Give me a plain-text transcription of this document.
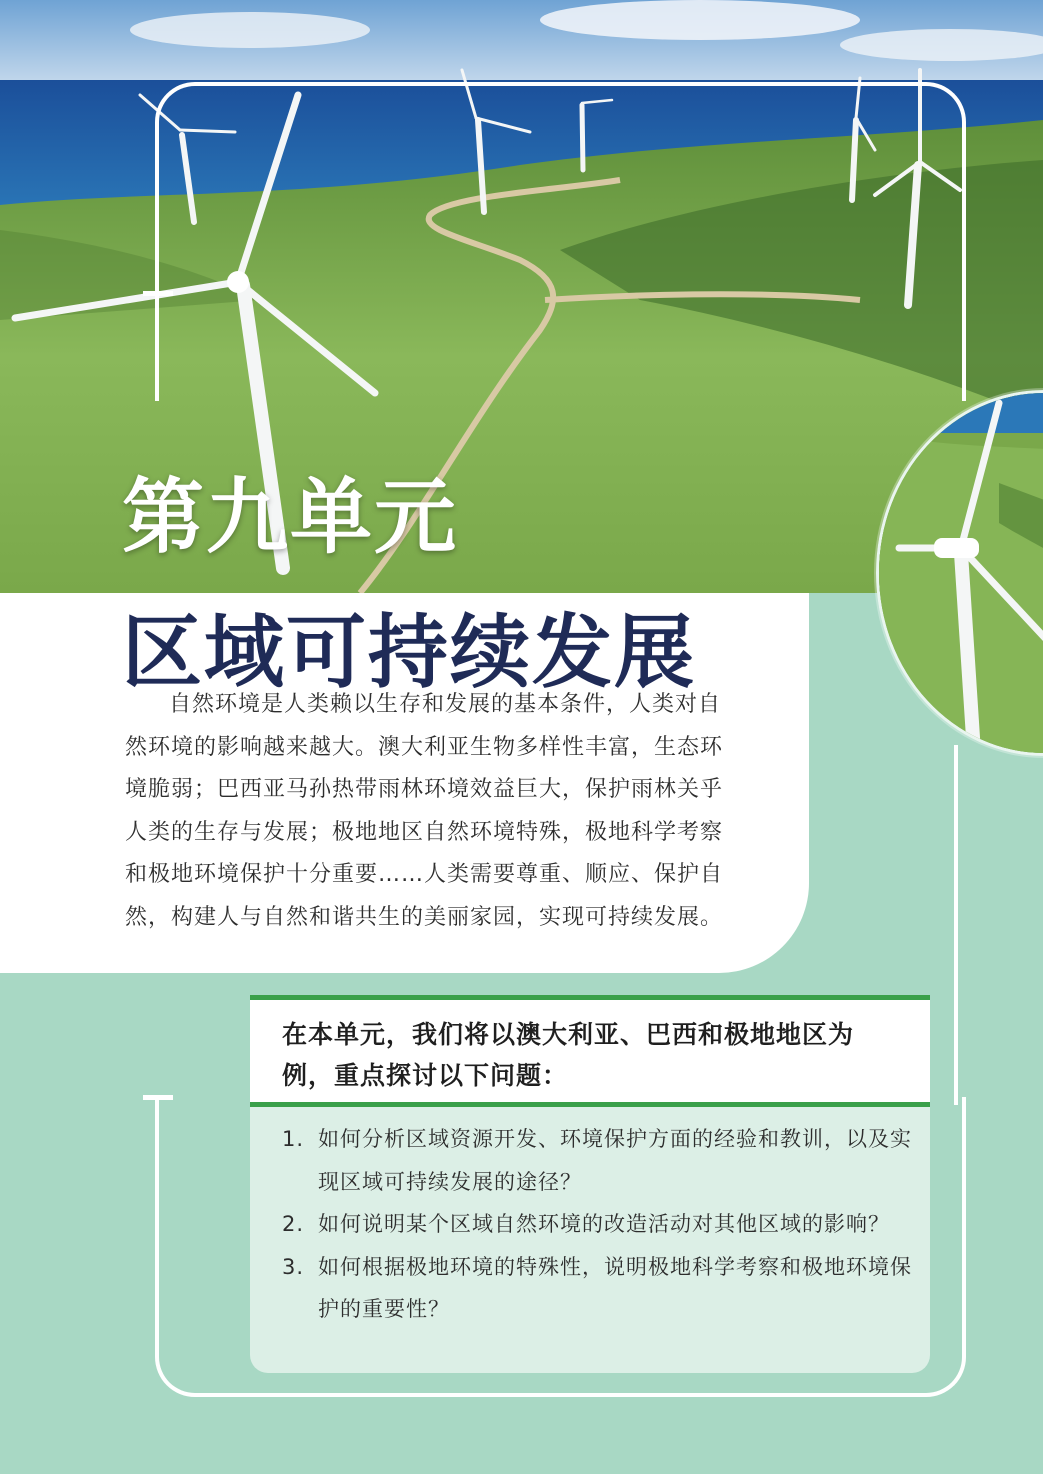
第九单元
区域可持续发展

自然环境是人类赖以生存和发展的基本条件，人类对自然环境的影响越来越大。澳大利亚生物多样性丰富，生态环境脆弱；巴西亚马孙热带雨林环境效益巨大，保护雨林关乎人类的生存与发展；极地地区自然环境特殊，极地科学考察和极地环境保护十分重要……人类需要尊重、顺应、保护自然，构建人与自然和谐共生的美丽家园，实现可持续发展。

在本单元，我们将以澳大利亚、巴西和极地地区为例，重点探讨以下问题：

1. 如何分析区域资源开发、环境保护方面的经验和教训，以及实现区域可持续发展的途径？
2. 如何说明某个区域自然环境的改造活动对其他区域的影响？
3. 如何根据极地环境的特殊性，说明极地科学考察和极地环境保护的重要性？
